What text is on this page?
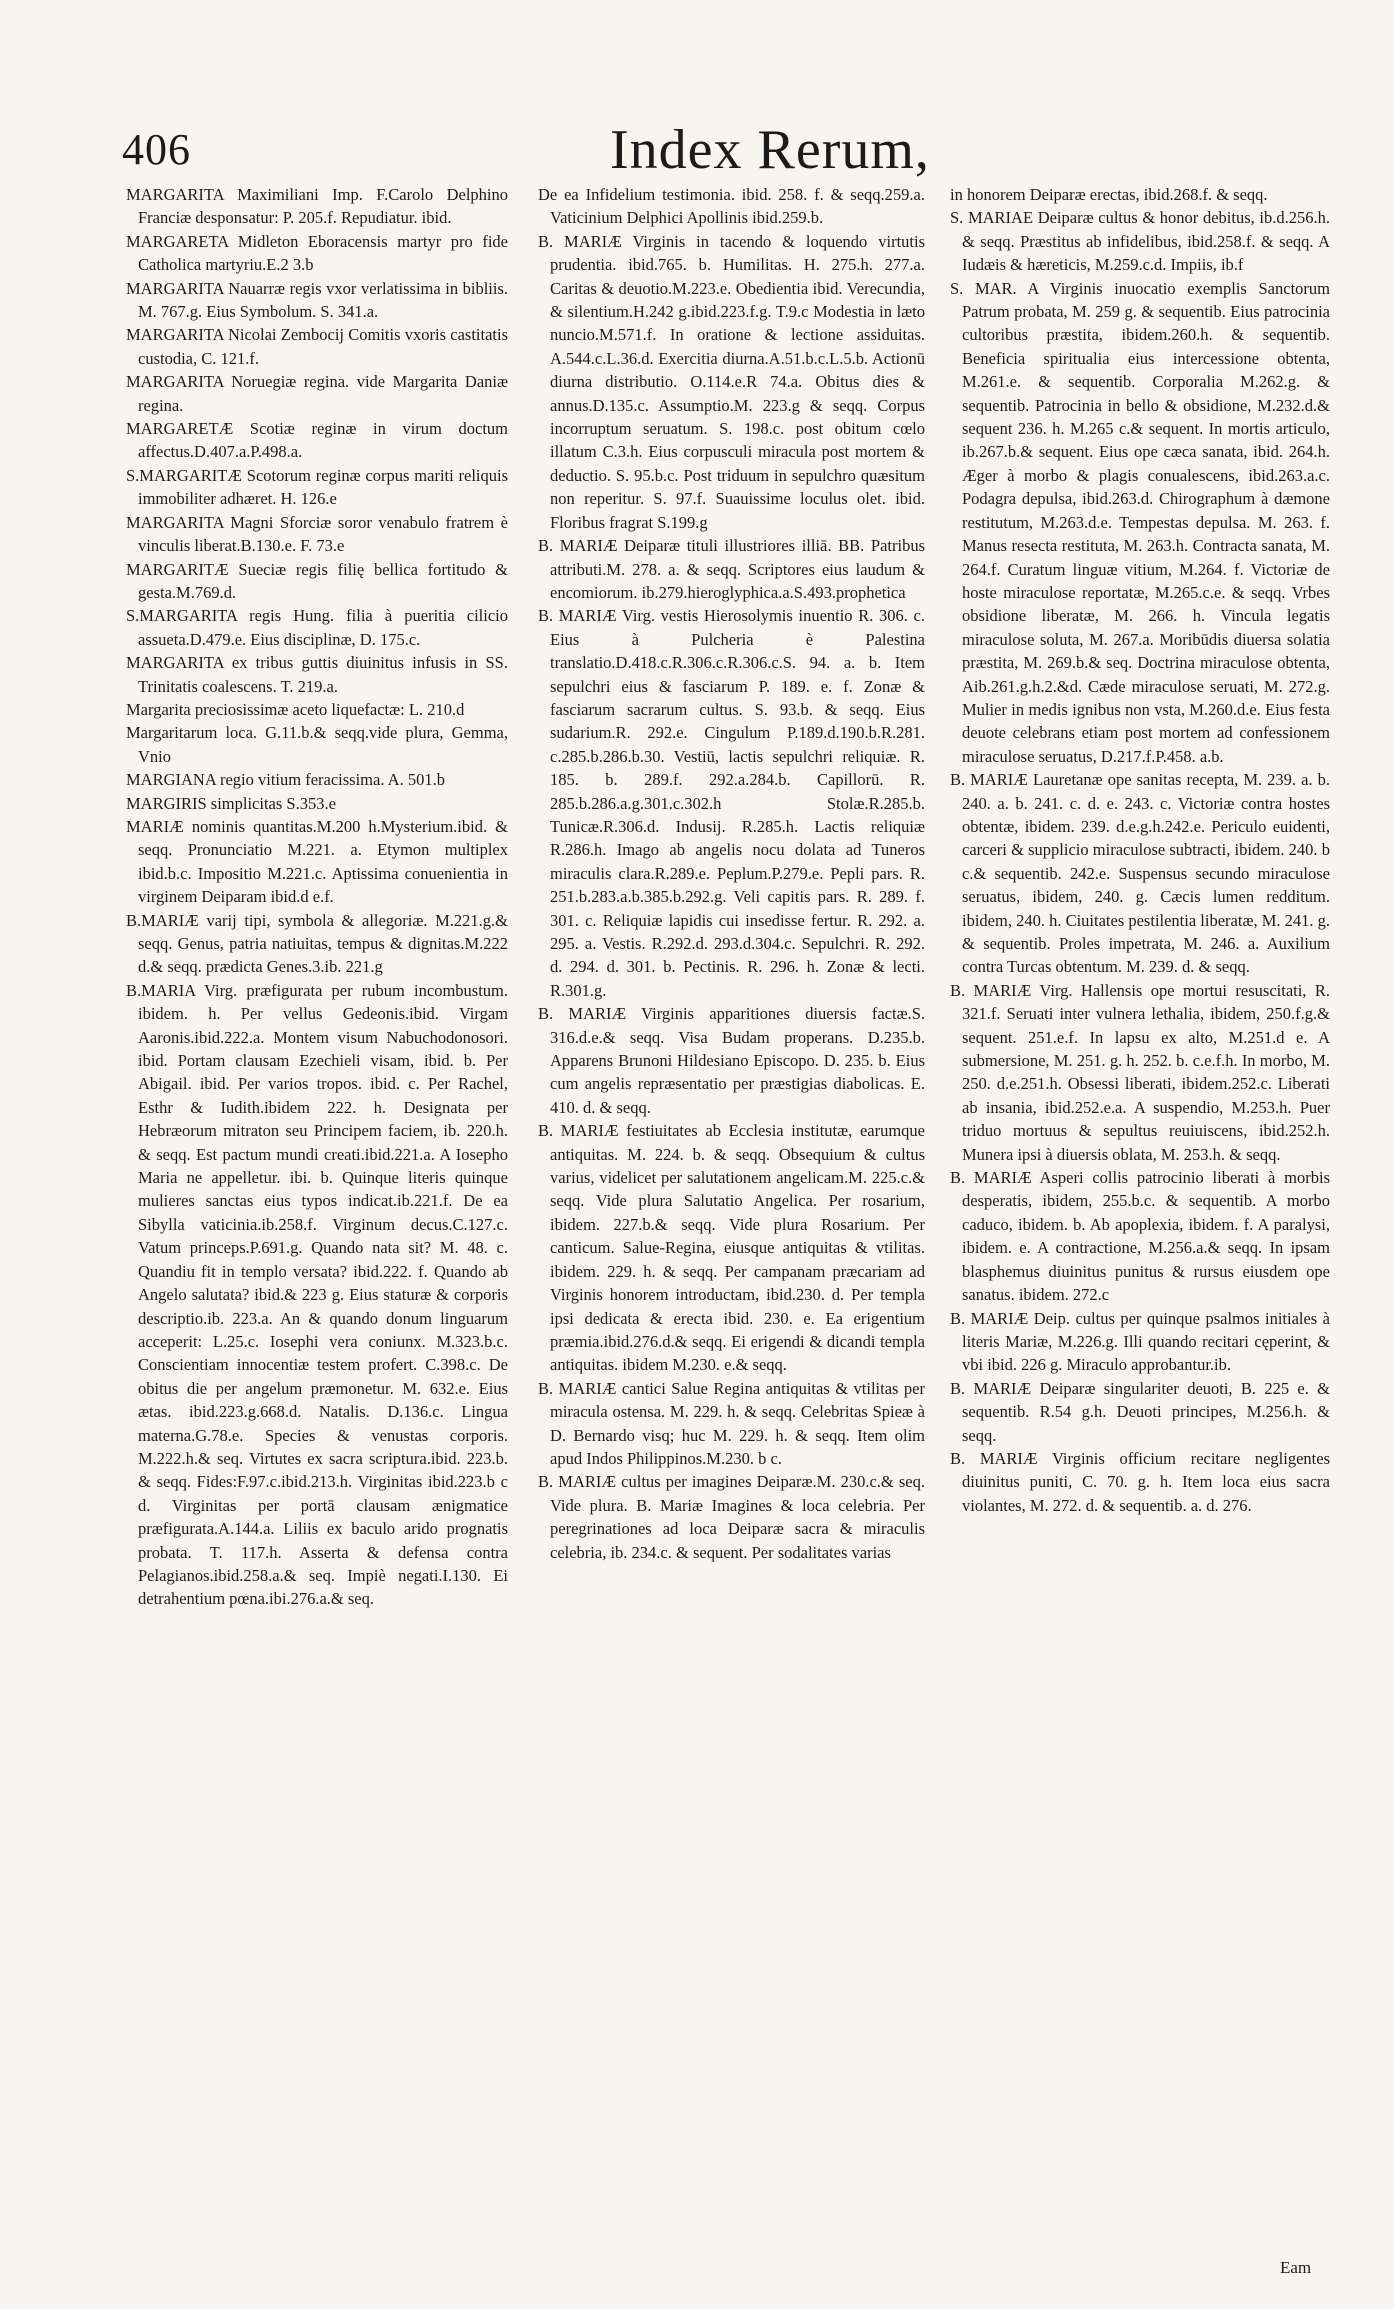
406	Index Rerum,

MARGARITA Maximiliani Imp. F.Carolo Delphino Franciæ desponsatur: P. 205.f. Repudiatur. ibid.

MARGARETA Midleton Eboracensis martyr pro fide Catholica martyriu.E.2 3.b

MARGARITA Nauarræ regis vxor verlatissima in bibliis. M. 767.g. Eius Symbolum. S. 341.a.

MARGARITA Nicolai Zembocij Comitis vxoris castitatis custodia, C. 121.f.

MARGARITA Noruegiæ regina. vide Margarita Daniæ regina.

MARGARETÆ Scotiæ reginæ in virum doctum affectus.D.407.a.P.498.a.

S.MARGARITÆ Scotorum reginæ corpus mariti reliquis immobiliter adhæret. H. 126.e

MARGARITA Magni Sforciæ soror venabulo fratrem è vinculis liberat.B.130.e. F. 73.e

MARGARITÆ Sueciæ regis filię bellica fortitudo & gesta.M.769.d.

S.MARGARITA regis Hung. filia à pueritia cilicio assueta.D.479.e. Eius disciplinæ, D. 175.c.

MARGARITA ex tribus guttis diuinitus infusis in SS. Trinitatis coalescens. T. 219.a.

Margarita preciosissimæ aceto liquefactæ: L. 210.d

Margaritarum loca. G.11.b.& seqq.vide plura, Gemma, Vnio

MARGIANA regio vitium feracissima. A. 501.b

MARGIRIS simplicitas S.353.e

MARIÆ nominis quantitas.M.200 h.Mysterium.ibid. & seqq. Pronunciatio M.221. a. Etymon multiplex ibid.b.c. Impositio M.221.c. Aptissima conuenientia in virginem Deiparam ibid.d e.f.

B.MARIÆ varij tipi, symbola & allegoriæ. M.221.g.& seqq. Genus, patria natiuitas, tempus & dignitas.M.222 d.& seqq. prædicta Genes.3.ib. 221.g

B.MARIA Virg. præfigurata per rubum incombustum. ibidem. h. Per vellus Gedeonis.ibid. Virgam Aaronis.ibid.222.a. Montem visum Nabuchodonosori. ibid. Portam clausam Ezechieli visam, ibid. b. Per Abigail. ibid. Per varios tropos. ibid. c. Per Rachel, Esthr & Iudith.ibidem 222. h. Designata per Hebræorum mitraton seu Principem faciem, ib. 220.h. & seqq. Est pactum mundi creati.ibid.221.a. A Iosepho Maria ne appelletur. ibi. b. Quinque literis quinque mulieres sanctas eius typos indicat.ib.221.f. De ea Sibylla vaticinia.ib.258.f. Virginum decus.C.127.c. Vatum princeps.P.691.g. Quando nata sit? M. 48. c. Quandiu fit in templo versata? ibid.222. f. Quando ab Angelo salutata? ibid.& 223 g. Eius staturæ & corporis descriptio.ib. 223.a. An & quando donum linguarum acceperit: L.25.c. Iosephi vera coniunx. M.323.b.c. Conscientiam innocentiæ testem profert. C.398.c. De obitus die per angelum præmonetur. M. 632.e. Eius ætas. ibid.223.g.668.d. Natalis. D.136.c. Lingua materna.G.78.e. Species & venustas corporis. M.222.h.& seq. Virtutes ex sacra scriptura.ibid. 223.b. & seqq. Fides:F.97.c.ibid.213.h. Virginitas ibid.223.b c d. Virginitas per portā clausam ænigmatice præfigurata.A.144.a. Liliis ex baculo arido prognatis probata. T. 117.h. Asserta & defensa contra Pelagianos.ibid.258.a.& seq. Impiè negati.I.130. Ei detrahentium pœna.ibi.276.a.& seq.

De ea Infidelium testimonia. ibid. 258. f. & seqq.259.a. Vaticinium Delphici Apollinis ibid.259.b.

B. MARIÆ Virginis in tacendo & loquendo virtutis prudentia. ibid.765. b. Humilitas. H. 275.h. 277.a. Caritas & deuotio.M.223.e. Obedientia ibid. Verecundia, & silentium.H.242 g.ibid.223.f.g. T.9.c Modestia in læto nuncio.M.571.f. In oratione & lectione assiduitas. A.544.c.L.36.d. Exercitia diurna.A.51.b.c.L.5.b. Actionū diurna distributio. O.114.e.R 74.a. Obitus dies & annus.D.135.c. Assumptio.M. 223.g & seqq. Corpus incorruptum seruatum. S. 198.c. post obitum cœlo illatum C.3.h. Eius corpusculi miracula post mortem & deductio. S. 95.b.c. Post triduum in sepulchro quæsitum non reperitur. S. 97.f. Suauissime loculus olet. ibid. Floribus fragrat S.199.g

B. MARIÆ Deiparæ tituli illustriores illiā. BB. Patribus attributi.M. 278. a. & seqq. Scriptores eius laudum & encomiorum. ib.279.hieroglyphica.a.S.493.prophetica

B. MARIÆ Virg. vestis Hierosolymis inuentio R. 306. c. Eius à Pulcheria è Palestina translatio.D.418.c.R.306.c.R.306.c.S. 94. a. b. Item sepulchri eius & fasciarum P. 189. e. f. Zonæ & fasciarum sacrarum cultus. S. 93.b. & seqq. Eius sudarium.R. 292.e. Cingulum P.189.d.190.b.R.281. c.285.b.286.b.30. Vestiū, lactis sepulchri reliquiæ. R. 185. b. 289.f. 292.a.284.b. Capillorū. R. 285.b.286.a.g.301.c.302.h Stolæ.R.285.b. Tunicæ.R.306.d. Indusij. R.285.h. Lactis reliquiæ R.286.h. Imago ab angelis nocu dolata ad Tuneros miraculis clara.R.289.e. Peplum.P.279.e. Pepli pars. R. 251.b.283.a.b.385.b.292.g. Veli capitis pars. R. 289. f. 301. c. Reliquiæ lapidis cui insedisse fertur. R. 292. a. 295. a. Vestis. R.292.d. 293.d.304.c. Sepulchri. R. 292. d. 294. d. 301. b. Pectinis. R. 296. h. Zonæ & lecti. R.301.g.

B. MARIÆ Virginis apparitiones diuersis factæ.S. 316.d.e.& seqq. Visa Budam properans. D.235.b. Apparens Brunoni Hildesiano Episcopo. D. 235. b. Eius cum angelis repræsentatio per præstigias diabolicas. E. 410. d. & seqq.

B. MARIÆ festiuitates ab Ecclesia institutæ, earumque antiquitas. M. 224. b. & seqq. Obsequium & cultus varius, videlicet per salutationem angelicam.M. 225.c.& seqq. Vide plura Salutatio Angelica. Per rosarium, ibidem. 227.b.& seqq. Vide plura Rosarium. Per canticum. Salue-Regina, eiusque antiquitas & vtilitas. ibidem. 229. h. & seqq. Per campanam præcariam ad Virginis honorem introductam, ibid.230. d. Per templa ipsi dedicata & erecta ibid. 230. e. Ea erigentium præmia.ibid.276.d.& seqq. Ei erigendi & dicandi templa antiquitas. ibidem M.230. e.& seqq.

B. MARIÆ cantici Salue Regina antiquitas & vtilitas per miracula ostensa. M. 229. h. & seqq. Celebritas Spieæ à D. Bernardo visq; huc M. 229. h. & seqq. Item olim apud Indos Philippinos.M.230. b c.

B. MARIÆ cultus per imagines Deiparæ.M. 230.c.& seq. Vide plura. B. Mariæ Imagines & loca celebria. Per peregrinationes ad loca Deiparæ sacra & miraculis celebria, ib. 234.c. & sequent. Per sodalitates varias

in honorem Deiparæ erectas, ibid.268.f. & seqq.

S. MARIAE Deiparæ cultus & honor debitus, ib.d.256.h. & seqq. Præstitus ab infidelibus, ibid.258.f. & seqq. A Iudæis & hæreticis, M.259.c.d. Impiis, ib.f

S. MAR. A Virginis inuocatio exemplis Sanctorum Patrum probata, M. 259 g. & sequentib. Eius patrocinia cultoribus præstita, ibidem.260.h. & sequentib. Beneficia spiritualia eius intercessione obtenta, M.261.e. & sequentib. Corporalia M.262.g. & sequentib. Patrocinia in bello & obsidione, M.232.d.& sequent 236. h. M.265 c.& sequent. In mortis articulo, ib.267.b.& sequent. Eius ope cæca sanata, ibid. 264.h. Æger à morbo & plagis conualescens, ibid.263.a.c. Podagra depulsa, ibid.263.d. Chirographum à dæmone restitutum, M.263.d.e. Tempestas depulsa. M. 263. f. Manus resecta restituta, M. 263.h. Contracta sanata, M. 264.f. Curatum linguæ vitium, M.264. f. Victoriæ de hoste miraculose reportatæ, M.265.c.e. & seqq. Vrbes obsidione liberatæ, M. 266. h. Vincula legatis miraculose soluta, M. 267.a. Moribūdis diuersa solatia præstita, M. 269.b.& seq. Doctrina miraculose obtenta, Aib.261.g.h.2.&d. Cæde miraculose seruati, M. 272.g. Mulier in medis ignibus non vsta, M.260.d.e. Eius festa deuote celebrans etiam post mortem ad confessionem miraculose seruatus, D.217.f.P.458. a.b.

B. MARIÆ Lauretanæ ope sanitas recepta, M. 239. a. b. 240. a. b. 241. c. d. e. 243. c. Victoriæ contra hostes obtentæ, ibidem. 239. d.e.g.h.242.e. Periculo euidenti, carceri & supplicio miraculose subtracti, ibidem. 240. b c.& sequentib. 242.e. Suspensus secundo miraculose seruatus, ibidem, 240. g. Cæcis lumen redditum. ibidem, 240. h. Ciuitates pestilentia liberatæ, M. 241. g. & sequentib. Proles impetrata, M. 246. a. Auxilium contra Turcas obtentum. M. 239. d. & seqq.

B. MARIÆ Virg. Hallensis ope mortui resuscitati, R. 321.f. Seruati inter vulnera lethalia, ibidem, 250.f.g.& sequent. 251.e.f. In lapsu ex alto, M.251.d e. A submersione, M. 251. g. h. 252. b. c.e.f.h. In morbo, M. 250. d.e.251.h. Obsessi liberati, ibidem.252.c. Liberati ab insania, ibid.252.e.a. A suspendio, M.253.h. Puer triduo mortuus & sepultus reuiuiscens, ibid.252.h. Munera ipsi à diuersis oblata, M. 253.h. & seqq.

B. MARIÆ Asperi collis patrocinio liberati à morbis desperatis, ibidem, 255.b.c. & sequentib. A morbo caduco, ibidem. b. Ab apoplexia, ibidem. f. A paralysi, ibidem. e. A contractione, M.256.a.& seqq. In ipsam blasphemus diuinitus punitus & rursus eiusdem ope sanatus. ibidem. 272.c

B. MARIÆ Deip. cultus per quinque psalmos initiales à literis Mariæ, M.226.g. Illi quando recitari cęperint, & vbi ibid. 226 g. Miraculo approbantur.ib.

B. MARIÆ Deiparæ singulariter deuoti, B. 225 e. & sequentib. R.54 g.h. Deuoti principes, M.256.h. & seqq.

B. MARIÆ Virginis officium recitare negligentes diuinitus puniti, C. 70. g. h. Item loca eius sacra violantes, M. 272. d. & sequentib. a. d. 276.

Eam
